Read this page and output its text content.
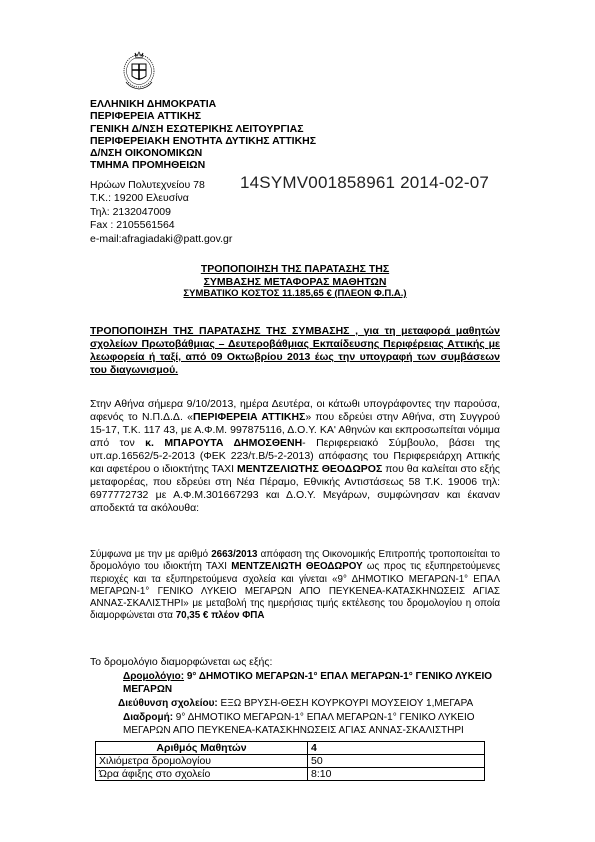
ΕΛΛΗΝΙΚΗ ΔΗΜΟΚΡΑΤΙΑ
ΠΕΡΙΦΕΡΕΙΑ ΑΤΤΙΚΗΣ
ΓΕΝΙΚΗ Δ/ΝΣΗ ΕΣΩΤΕΡΙΚΗΣ ΛΕΙΤΟΥΡΓΙΑΣ
ΠΕΡΙΦΕΡΕΙΑΚΗ ΕΝΟΤΗΤΑ ΔΥΤΙΚΗΣ ΑΤΤΙΚΗΣ
Δ/ΝΣΗ ΟΙΚΟΝΟΜΙΚΩΝ
ΤΜΗΜΑ ΠΡΟΜΗΘΕΙΩΝ
Ηρώων Πολυτεχνείου 78
Τ.Κ.: 19200 Ελευσίνα
Τηλ: 2132047009
Fax : 2105561564
e-mail:afragiadaki@patt.gov.gr
14SYMV001858961 2014-02-07
ΤΡΟΠΟΠΟΙΗΣΗ ΤΗΣ ΠΑΡΑΤΑΣΗΣ ΤΗΣ
ΣΥΜΒΑΣΗΣ ΜΕΤΑΦΟΡΑΣ ΜΑΘΗΤΩΝ
ΣΥΜΒΑΤΙΚΟ ΚΟΣΤΟΣ 11.185,65 € (ΠΛΕΟΝ Φ.Π.Α.)
ΤΡΟΠΟΠΟΙΗΣΗ ΤΗΣ ΠΑΡΑΤΑΣΗΣ ΤΗΣ ΣΥΜΒΑΣΗΣ , για τη μεταφορά μαθητών σχολείων Πρωτοβάθμιας – Δευτεροβάθμιας Εκπαίδευσης Περιφέρειας Αττικής με λεωφορεία ή ταξί, από 09 Οκτωβρίου 2013 έως την υπογραφή των συμβάσεων του διαγωνισμού.
Στην Αθήνα σήμερα 9/10/2013, ημέρα Δευτέρα, οι κάτωθι υπογράφοντες την παρούσα, αφενός το Ν.Π.Δ.Δ. «ΠΕΡΙΦΕΡΕΙΑ ΑΤΤΙΚΗΣ» που εδρεύει στην Αθήνα, στη Συγγρού 15-17, Τ.Κ. 117 43, με Α.Φ.Μ. 997875116, Δ.Ο.Υ. ΚΑ' Αθηνών και εκπροσωπείται νόμιμα από τον κ. ΜΠΑΡΟΥΤΑ ΔΗΜΟΣΘΕΝΗ- Περιφερειακό Σύμβουλο, βάσει της υπ.αρ.16562/5-2-2013 (ΦΕΚ 223/τ.Β/5-2-2013) απόφασης του Περιφερειάρχη Αττικής και αφετέρου ο ιδιοκτήτης ΤΑΧΙ ΜΕΝΤΖΕΛΙΩΤΗΣ ΘΕΟΔΩΡΟΣ που θα καλείται στο εξής μεταφορέας, που εδρεύει στη Νέα Πέραμο, Εθνικής Αντιστάσεως 58 Τ.Κ. 19006 τηλ: 6977772732 με Α.Φ.Μ.301667293 και Δ.Ο.Υ. Μεγάρων, συμφώνησαν και έκαναν αποδεκτά τα ακόλουθα:
Σύμφωνα με την με αριθμό 2663/2013 απόφαση της Οικονομικής Επιτροπής τροποποιείται το δρομολόγιο του ιδιοκτήτη ΤΑΧΙ ΜΕΝΤΖΕΛΙΩΤΗ ΘΕΟΔΩΡΟΥ ως προς τις εξυπηρετούμενες περιοχές και τα εξυπηρετούμενα σχολεία και γίνεται «9° ΔΗΜΟΤΙΚΟ ΜΕΓΑΡΩΝ-1° ΕΠΑΛ ΜΕΓΑΡΩΝ-1° ΓΕΝΙΚΟ ΛΥΚΕΙΟ ΜΕΓΑΡΩΝ ΑΠΟ ΠΕΥΚΕΝΕΑ-ΚΑΤΑΣΚΗΝΩΣΕΙΣ ΑΓΙΑΣ ΑΝΝΑΣ-ΣΚΑΛΙΣΤΗΡΙ» με μεταβολή της ημερήσιας τιμής εκτέλεσης του δρομολογίου η οποία διαμορφώνεται στα 70,35 € πλέον ΦΠΑ
Το δρομολόγιο διαμορφώνεται ως εξής:
Δρομολόγιο: 9° ΔΗΜΟΤΙΚΟ ΜΕΓΑΡΩΝ-1° ΕΠΑΛ ΜΕΓΑΡΩΝ-1° ΓΕΝΙΚΟ ΛΥΚΕΙΟ ΜΕΓΑΡΩΝ
Διεύθυνση σχολείου: ΕΞΩ ΒΡΥΣΗ-ΘΕΣΗ ΚΟΥΡΚΟΥΡΙ ΜΟΥΣΕΙΟΥ 1,ΜΕΓΑΡΑ
Διαδρομή: 9° ΔΗΜΟΤΙΚΟ ΜΕΓΑΡΩΝ-1° ΕΠΑΛ ΜΕΓΑΡΩΝ-1° ΓΕΝΙΚΟ ΛΥΚΕΙΟ ΜΕΓΑΡΩΝ ΑΠΟ ΠΕΥΚΕΝΕΑ-ΚΑΤΑΣΚΗΝΩΣΕΙΣ ΑΓΙΑΣ ΑΝΝΑΣ-ΣΚΑΛΙΣΤΗΡΙ
Αριθμός Μαθητών	4
Χιλιόμετρα δρομολογίου	50
Ώρα άφιξης στο σχολείο	8:10
